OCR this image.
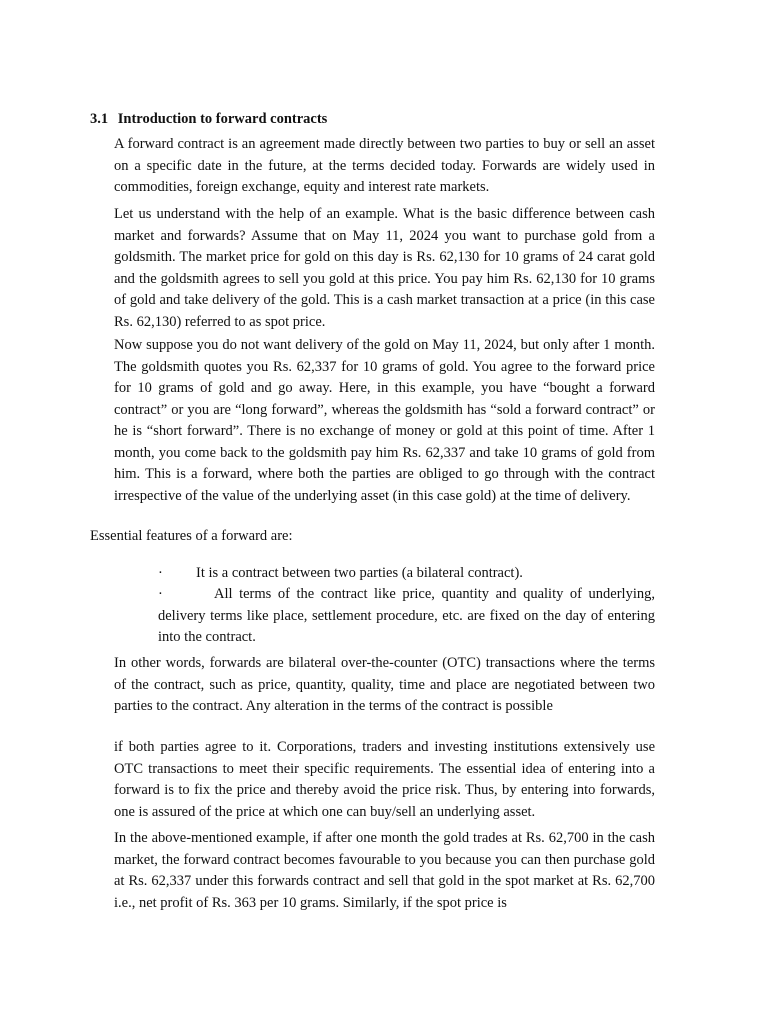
3.1 Introduction to forward contracts

A forward contract is an agreement made directly between two parties to buy or sell an asset on a specific date in the future, at the terms decided today. Forwards are widely used in commodities, foreign exchange, equity and interest rate markets.

Let us understand with the help of an example. What is the basic difference between cash market and forwards? Assume that on May 11, 2024 you want to purchase gold from a goldsmith. The market price for gold on this day is Rs. 62,130 for 10 grams of 24 carat gold and the goldsmith agrees to sell you gold at this price. You pay him Rs. 62,130 for 10 grams of gold and take delivery of the gold. This is a cash market transaction at a price (in this case Rs. 62,130) referred to as spot price.

Now suppose you do not want delivery of the gold on May 11, 2024, but only after 1 month. The goldsmith quotes you Rs. 62,337 for 10 grams of gold. You agree to the forward price for 10 grams of gold and go away. Here, in this example, you have “bought a forward contract” or you are “long forward”, whereas the goldsmith has “sold a forward contract” or he is “short forward”. There is no exchange of money or gold at this point of time. After 1 month, you come back to the goldsmith pay him Rs. 62,337 and take 10 grams of gold from him. This is a forward, where both the parties are obliged to go through with the contract irrespective of the value of the underlying asset (in this case gold) at the time of delivery.

Essential features of a forward are:

· It is a contract between two parties (a bilateral contract).

·	All terms of the contract like price, quantity and quality of underlying, delivery terms like place, settlement procedure, etc. are fixed on the day of entering into the contract.

In other words, forwards are bilateral over-the-counter (OTC) transactions where the terms of the contract, such as price, quantity, quality, time and place are negotiated between two parties to the contract. Any alteration in the terms of the contract is possible

if both parties agree to it. Corporations, traders and investing institutions extensively use OTC transactions to meet their specific requirements. The essential idea of entering into a forward is to fix the price and thereby avoid the price risk. Thus, by entering into forwards, one is assured of the price at which one can buy/sell an underlying asset.

In the above-mentioned example, if after one month the gold trades at Rs. 62,700 in the cash market, the forward contract becomes favourable to you because you can then purchase gold at Rs. 62,337 under this forwards contract and sell that gold in the spot market at Rs. 62,700 i.e., net profit of Rs. 363 per 10 grams. Similarly, if the spot price is
